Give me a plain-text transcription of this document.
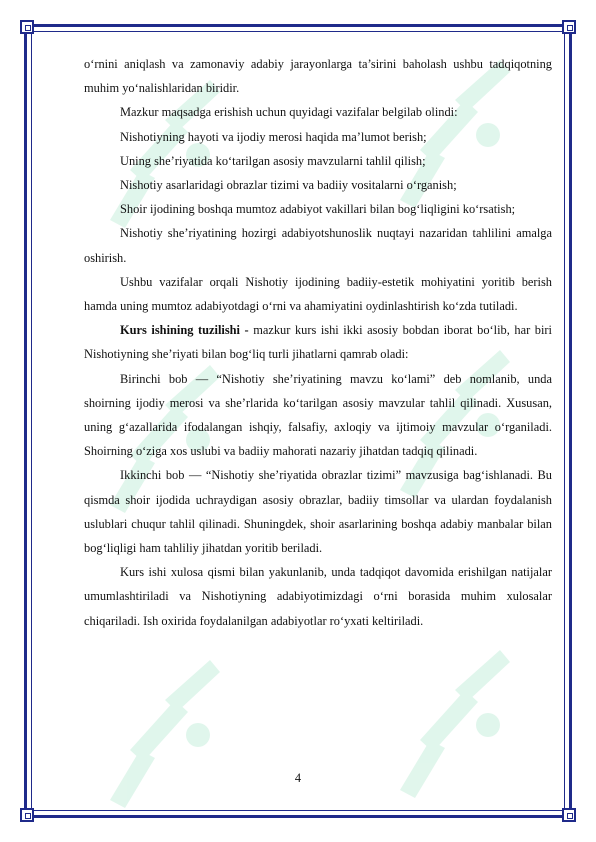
o‘rnini aniqlash va zamonaviy adabiy jarayonlarga ta’sirini baholash ushbu tadqiqotning muhim yo‘nalishlaridan biridir.

Mazkur maqsadga erishish uchun quyidagi vazifalar belgilab olindi:

Nishotiyning hayoti va ijodiy merosi haqida ma’lumot berish;

Uning she’riyatida ko‘tarilgan asosiy mavzularni tahlil qilish;

Nishotiy asarlaridagi obrazlar tizimi va badiiy vositalarni o‘rganish;

Shoir ijodining boshqa mumtoz adabiyot vakillari bilan bog‘liqligini ko‘rsatish;

Nishotiy she’riyatining hozirgi adabiyotshunoslik nuqtayi nazaridan tahlilini amalga oshirish.

Ushbu vazifalar orqali Nishotiy ijodining badiiy-estetik mohiyatini yoritib berish hamda uning mumtoz adabiyotdagi o‘rni va ahamiyatini oydinlashtirish ko‘zda tutiladi.

Kurs ishining tuzilishi - mazkur kurs ishi ikki asosiy bobdan iborat bo‘lib, har biri Nishotiyning she’riyati bilan bog‘liq turli jihatlarni qamrab oladi:

Birinchi bob — “Nishotiy she’riyatining mavzu ko‘lami” deb nomlanib, unda shoirning ijodiy merosi va she’rlarida ko‘tarilgan asosiy mavzular tahlil qilinadi. Xususan, uning g‘azallarida ifodalangan ishqiy, falsafiy, axloqiy va ijtimoiy mavzular o‘rganiladi. Shoirning o‘ziga xos uslubi va badiiy mahorati nazariy jihatdan tadqiq qilinadi.

Ikkinchi bob — “Nishotiy she’riyatida obrazlar tizimi” mavzusiga bag‘ishlanadi. Bu qismda shoir ijodida uchraydigan asosiy obrazlar, badiiy timsollar va ulardan foydalanish uslublari chuqur tahlil qilinadi. Shuningdek, shoir asarlarining boshqa adabiy manbalar bilan bog‘liqligi ham tahliliy jihatdan yoritib beriladi.

Kurs ishi xulosa qismi bilan yakunlanib, unda tadqiqot davomida erishilgan natijalar umumlashtiriladi va Nishotiyning adabiyotimizdagi o‘rni borasida muhim xulosalar chiqariladi. Ish oxirida foydalanilgan adabiyotlar ro‘yxati keltiriladi.

4
